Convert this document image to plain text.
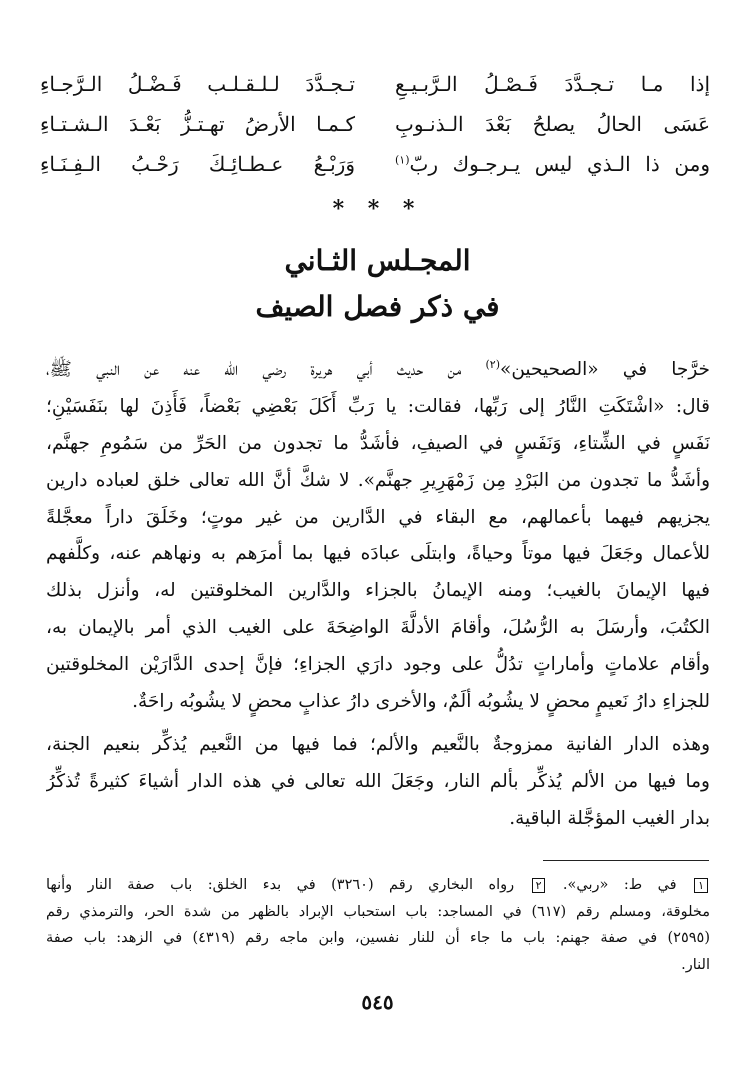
إذا مـا تـجـدَّدَ فَـصْـلُ الـرَّبـيـعِ
تـجـدَّدَ لـلـقـلـب فَـضْـلُ الـرَّجـاءِ
عَسَى الحالُ يصلحُ بَعْدَ الـذنـوبِ
كـمـا الأرضُ تهـتـزُّ بَعْـدَ الـشـتـاءِ
ومن ذا الـذي ليس يـرجـوك ربّ$^{(١)}$
وَرَبْـعُ عـطـائِـكَ رَحْـبُ الـفِـنَـاءِ
* * *
المجـلس الثـاني
في ذكر فصل الصيف
خرَّجا في «الصحيحين»$^{(٢)}$ من حديث أبي هريرة رضي الله عنه عن النبي ﷺ،
قال: «اشْتَكَتِ النَّارُ إلى رَبِّها، فقالت: يا رَبِّ أَكَلَ بَعْضِي بَعْضاً، فَأَذِنَ لها بنَفَسَيْنِ؛
نَفَسٍ في الشِّتاءِ، وَنَفَسٍ في الصيفِ، فأشَدُّ ما تجدون من الحَرِّ من سَمُومِ جهنَّم،
وأشَدُّ ما تجدون من البَرْدِ مِن زَمْهَرِيرِ جهنَّم». لا شكَّ أنَّ الله تعالى خلق لعباده دارين
يجزيهم فيهما بأعمالهم، مع البقاء في الدَّارين من غير موتٍ؛ وخَلَقَ داراً معجَّلةً
للأعمال وجَعَلَ فيها موتاً وحياةً، وابتلَى عبادَه فيها بما أمرَهم به ونهاهم عنه، وكلَّفهم
فيها الإيمانَ بالغيب؛ ومنه الإيمانُ بالجزاء والدَّارين المخلوقتين له، وأنزل بذلك
الكتُبَ، وأرسَلَ به الرُّسُلَ، وأقامَ الأدلَّةَ الواضِحَةَ على الغيب الذي أمر بالإيمان به،
وأقام علاماتٍ وأماراتٍ تدُلُّ على وجود دارَي الجزاءِ؛ فإنَّ إحدى الدَّارَيْن المخلوقتين
للجزاءِ دارُ نَعيمٍ محضٍ لا يشُوبُه ألَمٌ، والأخرى دارُ عذابٍ محضٍ لا يشُوبُه راحَةٌ.
وهذه الدار الفانية ممزوجةٌ بالنَّعيم والألم؛ فما فيها من النَّعيم يُذكِّر بنعيم الجنة،
وما فيها من الألم يُذكِّر بألم النار، وجَعَلَ الله تعالى في هذه الدار أشياءَ كثيرةً تُذكِّرُ
بدار الغيب المؤجَّلة الباقية.
١ في ط: «ربي». ٢ رواه البخاري رقم (٣٢٦٠) في بدء الخلق: باب صفة النار وأنها
مخلوقة، ومسلم رقم (٦١٧) في المساجد: باب استحباب الإبراد بالظهر من شدة الحر، والترمذي رقم
(٢٥٩٥) في صفة جهنم: باب ما جاء أن للنار نفسين، وابن ماجه رقم (٤٣١٩) في الزهد: باب صفة
النار.
٥٤٥
